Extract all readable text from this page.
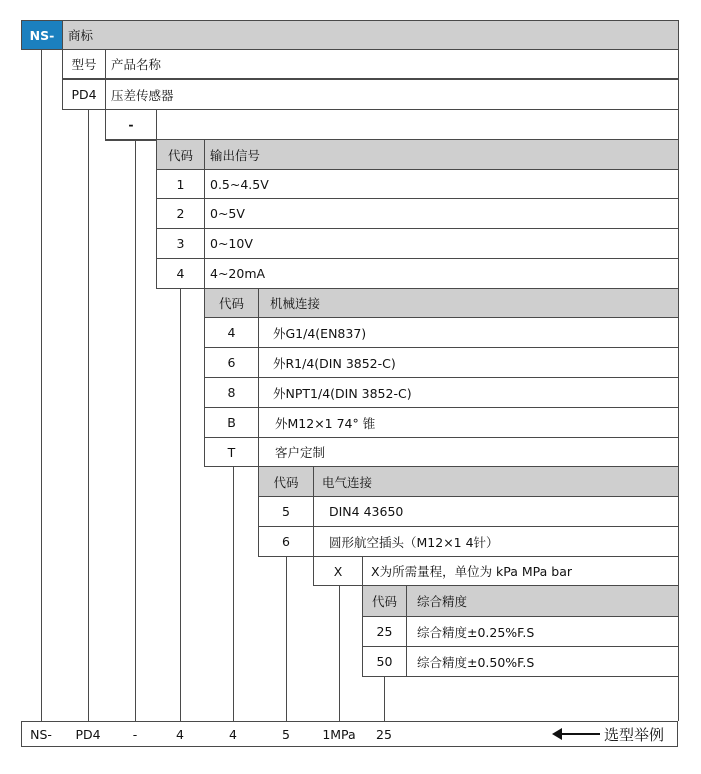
NS-	商标
型号	产品名称
PD4	压差传感器
-
代码	输出信号
1	0.5~4.5V
2	0~5V
3	0~10V
4	4~20mA
代码	机械连接
4	外G1/4(EN837)
6	外R1/4(DIN 3852-C)
8	外NPT1/4(DIN 3852-C)
B	外M12×1 74° 锥
T	客户定制
代码	电气连接
5	DIN4 43650
6	圆形航空插头（M12×1 4针）
X	X为所需量程，单位为 kPa MPa bar
代码	综合精度
25	综合精度±0.25%F.S
50	综合精度±0.50%F.S
NS- PD4	-	4	4	5	1MPa 25	选型举例
